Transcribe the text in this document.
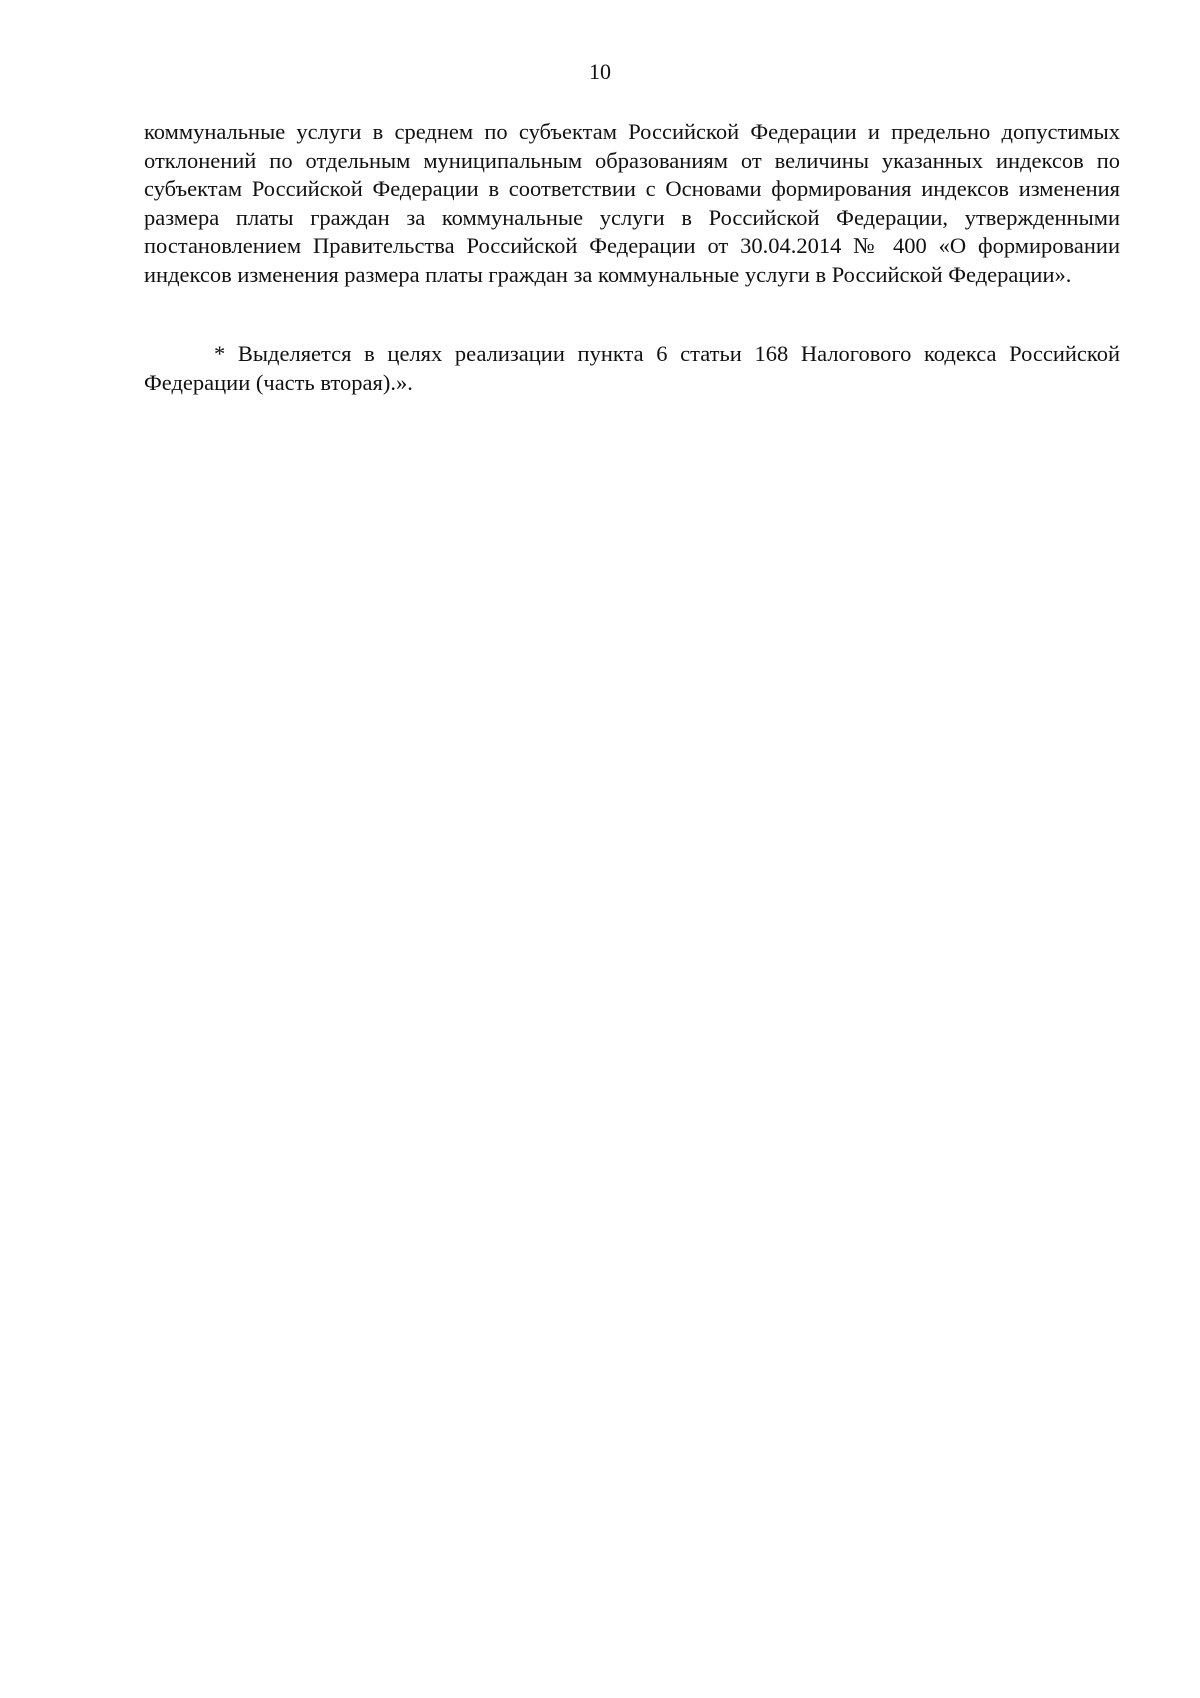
10

коммунальные услуги в среднем по субъектам Российской Федерации и предельно допустимых отклонений по отдельным муниципальным образованиям от величины указанных индексов по субъектам Российской Федерации в соответствии с Основами формирования индексов изменения размера платы граждан за коммунальные услуги в Российской Федерации, утвержденными постановлением Правительства Российской Федерации от 30.04.2014 № 400 «О формировании индексов изменения размера платы граждан за коммунальные услуги в Российской Федерации».

* Выделяется в целях реализации пункта 6 статьи 168 Налогового кодекса Российской Федерации (часть вторая).».
